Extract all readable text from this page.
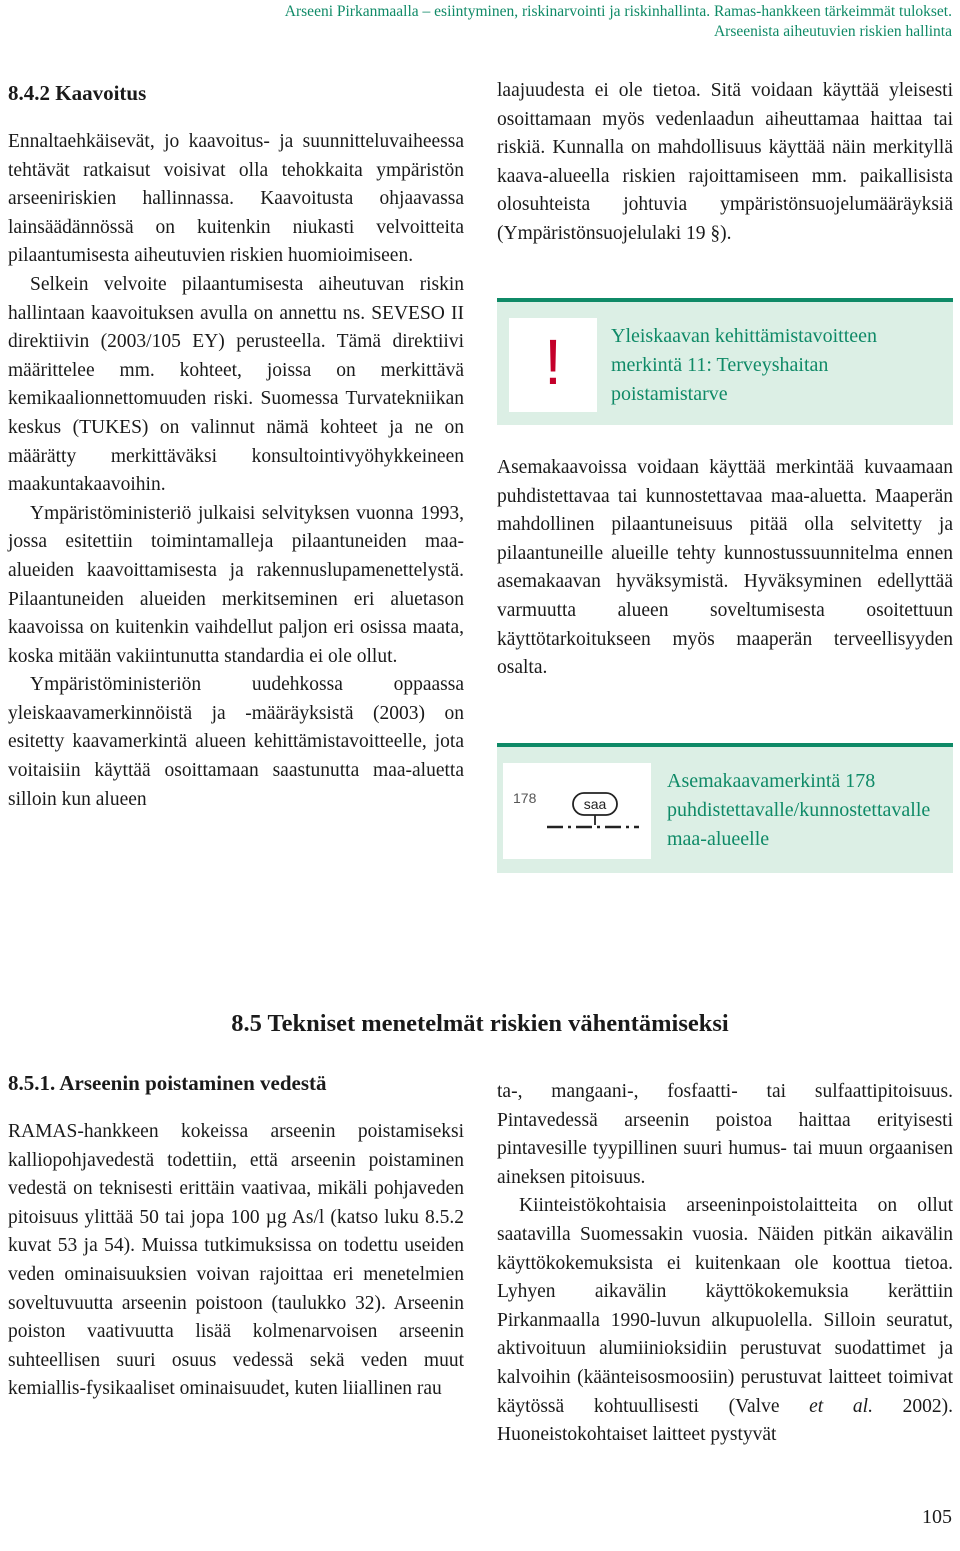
Arseeni Pirkanmaalla – esiintyminen, riskinarvointi ja riskinhallinta. Ramas-hankkeen tärkeimmät tulokset.
Arseenista aiheutuvien riskien hallinta
8.4.2 Kaavoitus

Ennaltaehkäisevät, jo kaavoitus- ja suunnitteluvaiheessa tehtävät ratkaisut voisivat olla tehokkaita ympäristön arseeniriskien hallinnassa. Kaavoitusta ohjaavassa lainsäädännössä on kuitenkin niukasti velvoitteita pilaantumisesta aiheutuvien riskien huomioimiseen.

Selkein velvoite pilaantumisesta aiheutuvan riskin hallintaan kaavoituksen avulla on annettu ns. SEVESO II direktiivin (2003/105 EY) perusteella. Tämä direktiivi määrittelee mm. kohteet, joissa on merkittävä kemikaalionnettomuuden riski. Suomessa Turvatekniikan keskus (TUKES) on valinnut nämä kohteet ja ne on määrätty merkittäväksi konsultointivyöhykkeineen maakuntakaavoihin.

Ympäristöministeriö julkaisi selvityksen vuonna 1993, jossa esitettiin toimintamalleja pilaantuneiden maa-alueiden kaavoittamisesta ja rakennuslupamenettelystä. Pilaantuneiden alueiden merkitseminen eri aluetason kaavoissa on kuitenkin vaihdellut paljon eri osissa maata, koska mitään vakiintunutta standardia ei ole ollut.

Ympäristöministeriön uudehkossa oppaassa yleiskaavamerkinnöistä ja -määräyksistä (2003) on esitetty kaavamerkintä alueen kehittämistavoitteelle, jota voitaisiin käyttää osoittamaan saastunutta maa-aluetta silloin kun alueen

laajuudesta ei ole tietoa. Sitä voidaan käyttää yleisesti osoittamaan myös vedenlaadun aiheuttamaa haittaa tai riskiä. Kunnalla on mahdollisuus käyttää näin merkityllä kaava-alueella riskien rajoittamiseen mm. paikallisista olosuhteista johtuvia ympäristönsuojelumääräyksiä (Ympäristönsuojelulaki 19 §).

!	Yleiskaavan kehittämistavoitteen merkintä 11: Terveyshaitan poistamistarve

Asemakaavoissa voidaan käyttää merkintää kuvaamaan puhdistettavaa tai kunnostettavaa maa-aluetta. Maaperän mahdollinen pilaantuneisuus pitää olla selvitetty ja pilaantuneille alueille tehty kunnostussuunnitelma ennen asemakaavan hyväksymistä. Hyväksyminen edellyttää varmuutta alueen soveltumisesta osoitettuun käyttötarkoitukseen myös maaperän terveellisyyden osalta.

178	saa
Asemakaavamerkintä 178 puhdistettavalle/kunnostettavalle maa-alueelle
8.5 Tekniset menetelmät riskien vähentämiseksi
8.5.1. Arseenin poistaminen vedestä

RAMAS-hankkeen kokeissa arseenin poistamiseksi kalliopohjavedestä todettiin, että arseenin poistaminen vedestä on teknisesti erittäin vaativaa, mikäli pohjaveden pitoisuus ylittää 50 tai jopa 100 µg As/l (katso luku 8.5.2 kuvat 53 ja 54). Muissa tutkimuksissa on todettu useiden veden ominaisuuksien voivan rajoittaa eri menetelmien soveltuvuutta arseenin poistoon (taulukko 32). Arseenin poiston vaativuutta lisää kolmenarvoisen arseenin suhteellisen suuri osuus vedessä sekä veden muut kemiallis-fysikaaliset ominaisuudet, kuten liiallinen rau

ta-, mangaani-, fosfaatti- tai sulfaattipitoisuus. Pintavedessä arseenin poistoa haittaa erityisesti pintavesille tyypillinen suuri humus- tai muun orgaanisen aineksen pitoisuus.

Kiinteistökohtaisia arseeninpoistolaitteita on ollut saatavilla Suomessakin vuosia. Näiden pitkän aikavälin käyttökokemuksista ei kuitenkaan ole koottua tietoa. Lyhyen aikavälin käyttökokemuksia kerättiin Pirkanmaalla 1990-luvun alkupuolella. Silloin seuratut, aktivoituun alumiinioksidiin perustuvat suodattimet ja kalvoihin (käänteisosmoosiin) perustuvat laitteet toimivat käytössä kohtuullisesti (Valve et al. 2002). Huoneistokohtaiset laitteet pystyvät

105
